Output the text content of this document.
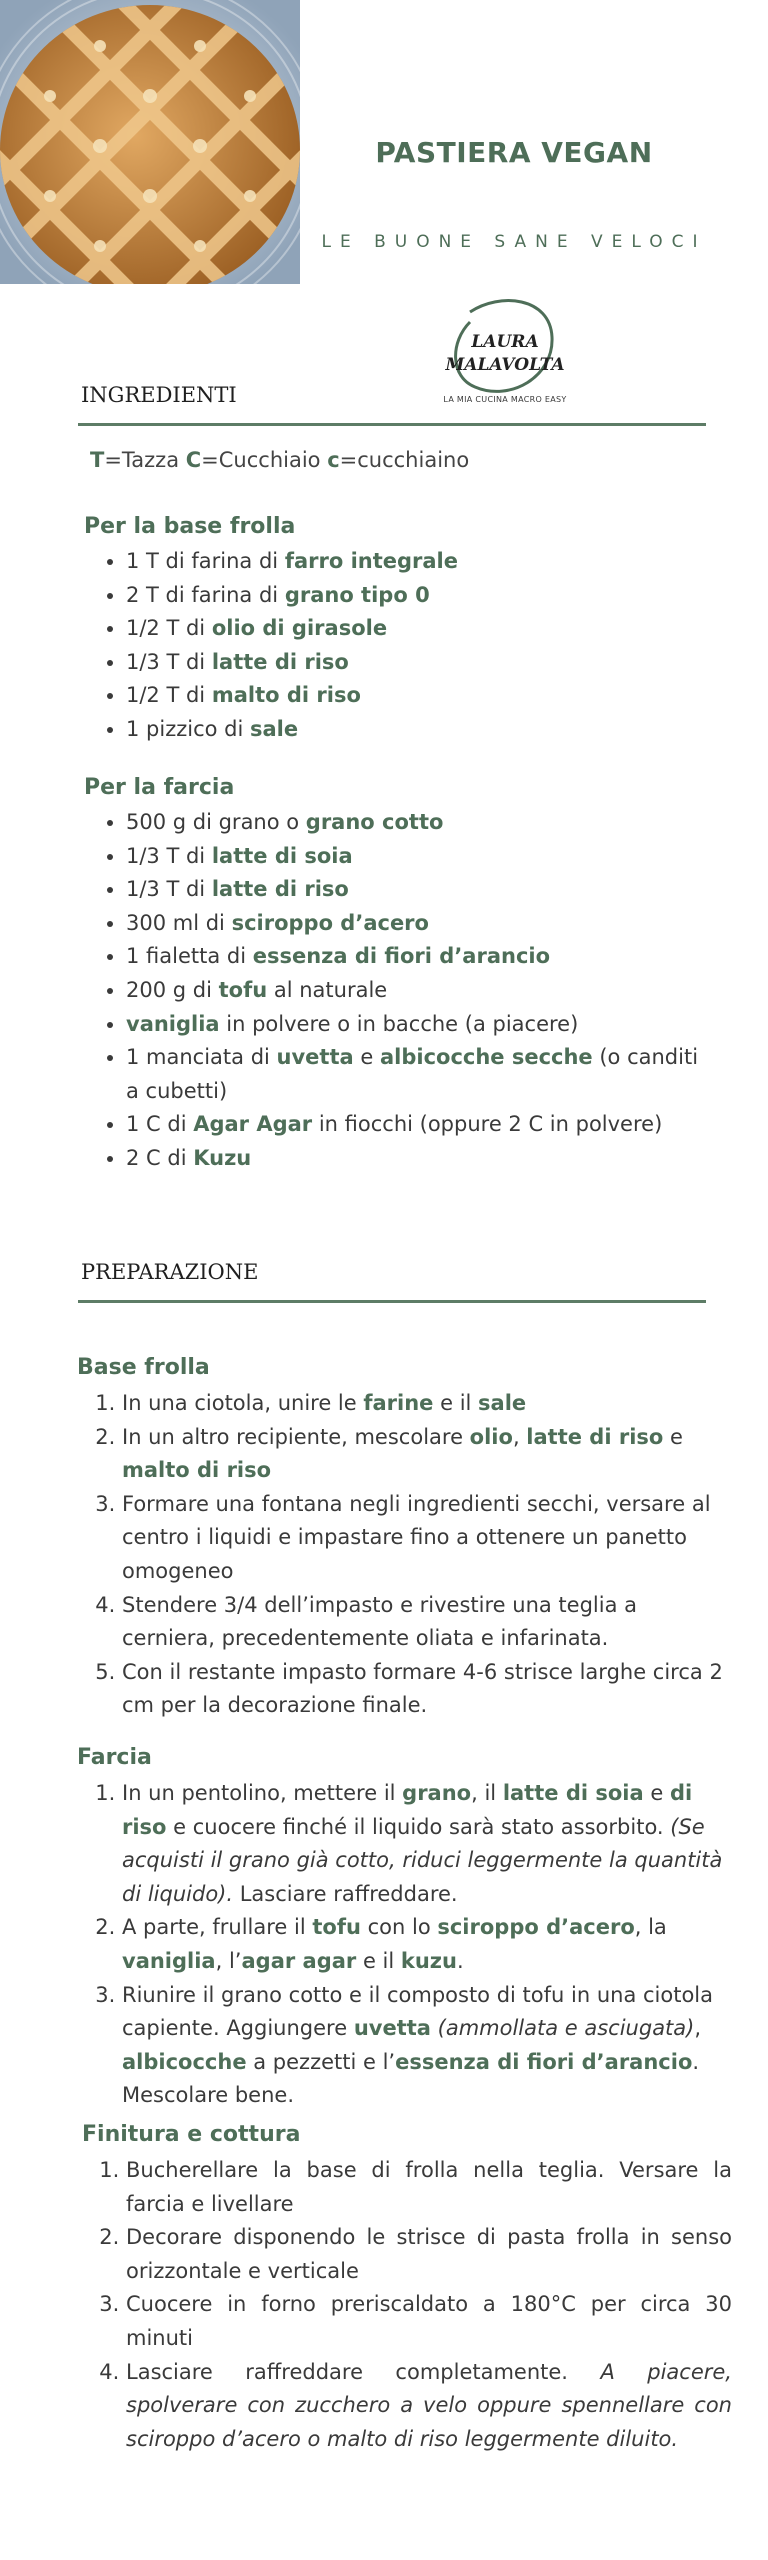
PASTIERA VEGAN
LE BUONE SANE VELOCI
LAURA
MALAVOLTA
LA MIA CUCINA MACRO EASY
INGREDIENTI
T=Tazza C=Cucchiaio c=cucchiaino
Per la base frolla
• 1 T di farina di farro integrale
• 2 T di farina di grano tipo 0
• 1/2 T di olio di girasole
• 1/3 T di latte di riso
• 1/2 T di malto di riso
• 1 pizzico di sale
Per la farcia
• 500 g di grano o grano cotto
• 1/3 T di latte di soia
• 1/3 T di latte di riso
• 300 ml di sciroppo d’acero
• 1 fialetta di essenza di fiori d’arancio
• 200 g di tofu al naturale
• vaniglia in polvere o in bacche (a piacere)
• 1 manciata di uvetta e albicocche secche (o canditi a cubetti)
• 1 C di Agar Agar in fiocchi (oppure 2 C in polvere)
• 2 C di Kuzu
PREPARAZIONE
Base frolla
1. In una ciotola, unire le farine e il sale
2. In un altro recipiente, mescolare olio, latte di riso e malto di riso
3. Formare una fontana negli ingredienti secchi, versare al centro i liquidi e impastare fino a ottenere un panetto omogeneo
4. Stendere 3/4 dell’impasto e rivestire una teglia a cerniera, precedentemente oliata e infarinata.
5. Con il restante impasto formare 4-6 strisce larghe circa 2 cm per la decorazione finale.
Farcia
1. In un pentolino, mettere il grano, il latte di soia e di riso e cuocere finché il liquido sarà stato assorbito. (Se acquisti il grano già cotto, riduci leggermente la quantità di liquido). Lasciare raffreddare.
2. A parte, frullare il tofu con lo sciroppo d’acero, la vaniglia, l’agar agar e il kuzu.
3. Riunire il grano cotto e il composto di tofu in una ciotola capiente. Aggiungere uvetta (ammollata e asciugata), albicocche a pezzetti e l’essenza di fiori d’arancio. Mescolare bene.
Finitura e cottura
1. Bucherellare la base di frolla nella teglia. Versare la farcia e livellare
2. Decorare disponendo le strisce di pasta frolla in senso orizzontale e verticale
3. Cuocere in forno preriscaldato a 180°C per circa 30 minuti
4. Lasciare raffreddare completamente. A piacere, spolverare con zucchero a velo oppure spennellare con sciroppo d’acero o malto di riso leggermente diluito.
